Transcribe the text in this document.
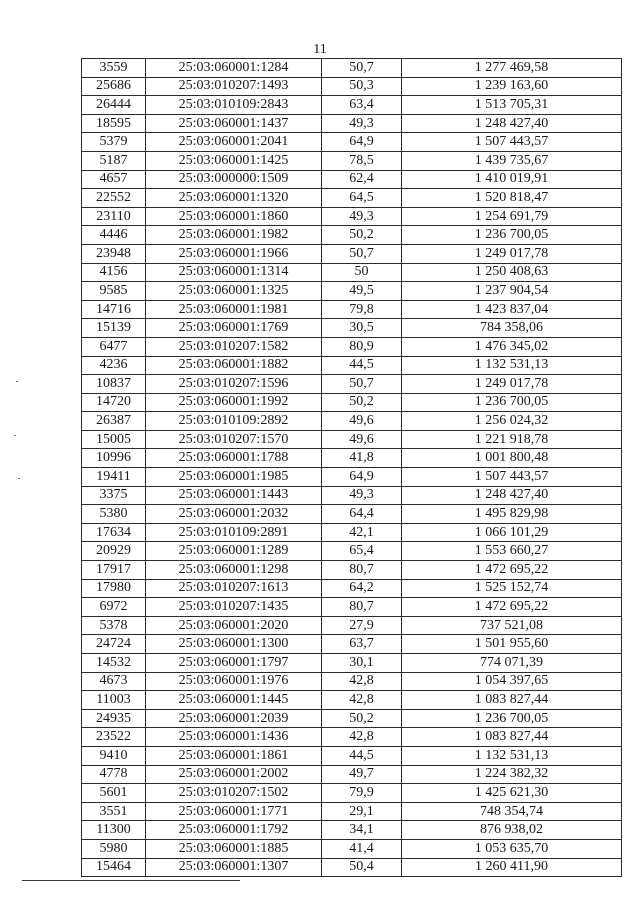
11
3559	25:03:060001:1284	50,7	1 277 469,58
25686	25:03:010207:1493	50,3	1 239 163,60
26444	25:03:010109:2843	63,4	1 513 705,31
18595	25:03:060001:1437	49,3	1 248 427,40
5379	25:03:060001:2041	64,9	1 507 443,57
5187	25:03:060001:1425	78,5	1 439 735,67
4657	25:03:000000:1509	62,4	1 410 019,91
22552	25:03:060001:1320	64,5	1 520 818,47
23110	25:03:060001:1860	49,3	1 254 691,79
4446	25:03:060001:1982	50,2	1 236 700,05
23948	25:03:060001:1966	50,7	1 249 017,78
4156	25:03:060001:1314	50	1 250 408,63
9585	25:03:060001:1325	49,5	1 237 904,54
14716	25:03:060001:1981	79,8	1 423 837,04
15139	25:03:060001:1769	30,5	784 358,06
6477	25:03:010207:1582	80,9	1 476 345,02
4236	25:03:060001:1882	44,5	1 132 531,13
10837	25:03:010207:1596	50,7	1 249 017,78
14720	25:03:060001:1992	50,2	1 236 700,05
26387	25:03:010109:2892	49,6	1 256 024,32
15005	25:03:010207:1570	49,6	1 221 918,78
10996	25:03:060001:1788	41,8	1 001 800,48
19411	25:03:060001:1985	64,9	1 507 443,57
3375	25:03:060001:1443	49,3	1 248 427,40
5380	25:03:060001:2032	64,4	1 495 829,98
17634	25:03:010109:2891	42,1	1 066 101,29
20929	25:03:060001:1289	65,4	1 553 660,27
17917	25:03:060001:1298	80,7	1 472 695,22
17980	25:03:010207:1613	64,2	1 525 152,74
6972	25:03:010207:1435	80,7	1 472 695,22
5378	25:03:060001:2020	27,9	737 521,08
24724	25:03:060001:1300	63,7	1 501 955,60
14532	25:03:060001:1797	30,1	774 071,39
4673	25:03:060001:1976	42,8	1 054 397,65
11003	25:03:060001:1445	42,8	1 083 827,44
24935	25:03:060001:2039	50,2	1 236 700,05
23522	25:03:060001:1436	42,8	1 083 827,44
9410	25:03:060001:1861	44,5	1 132 531,13
4778	25:03:060001:2002	49,7	1 224 382,32
5601	25:03:010207:1502	79,9	1 425 621,30
3551	25:03:060001:1771	29,1	748 354,74
11300	25:03:060001:1792	34,1	876 938,02
5980	25:03:060001:1885	41,4	1 053 635,70
15464	25:03:060001:1307	50,4	1 260 411,90
